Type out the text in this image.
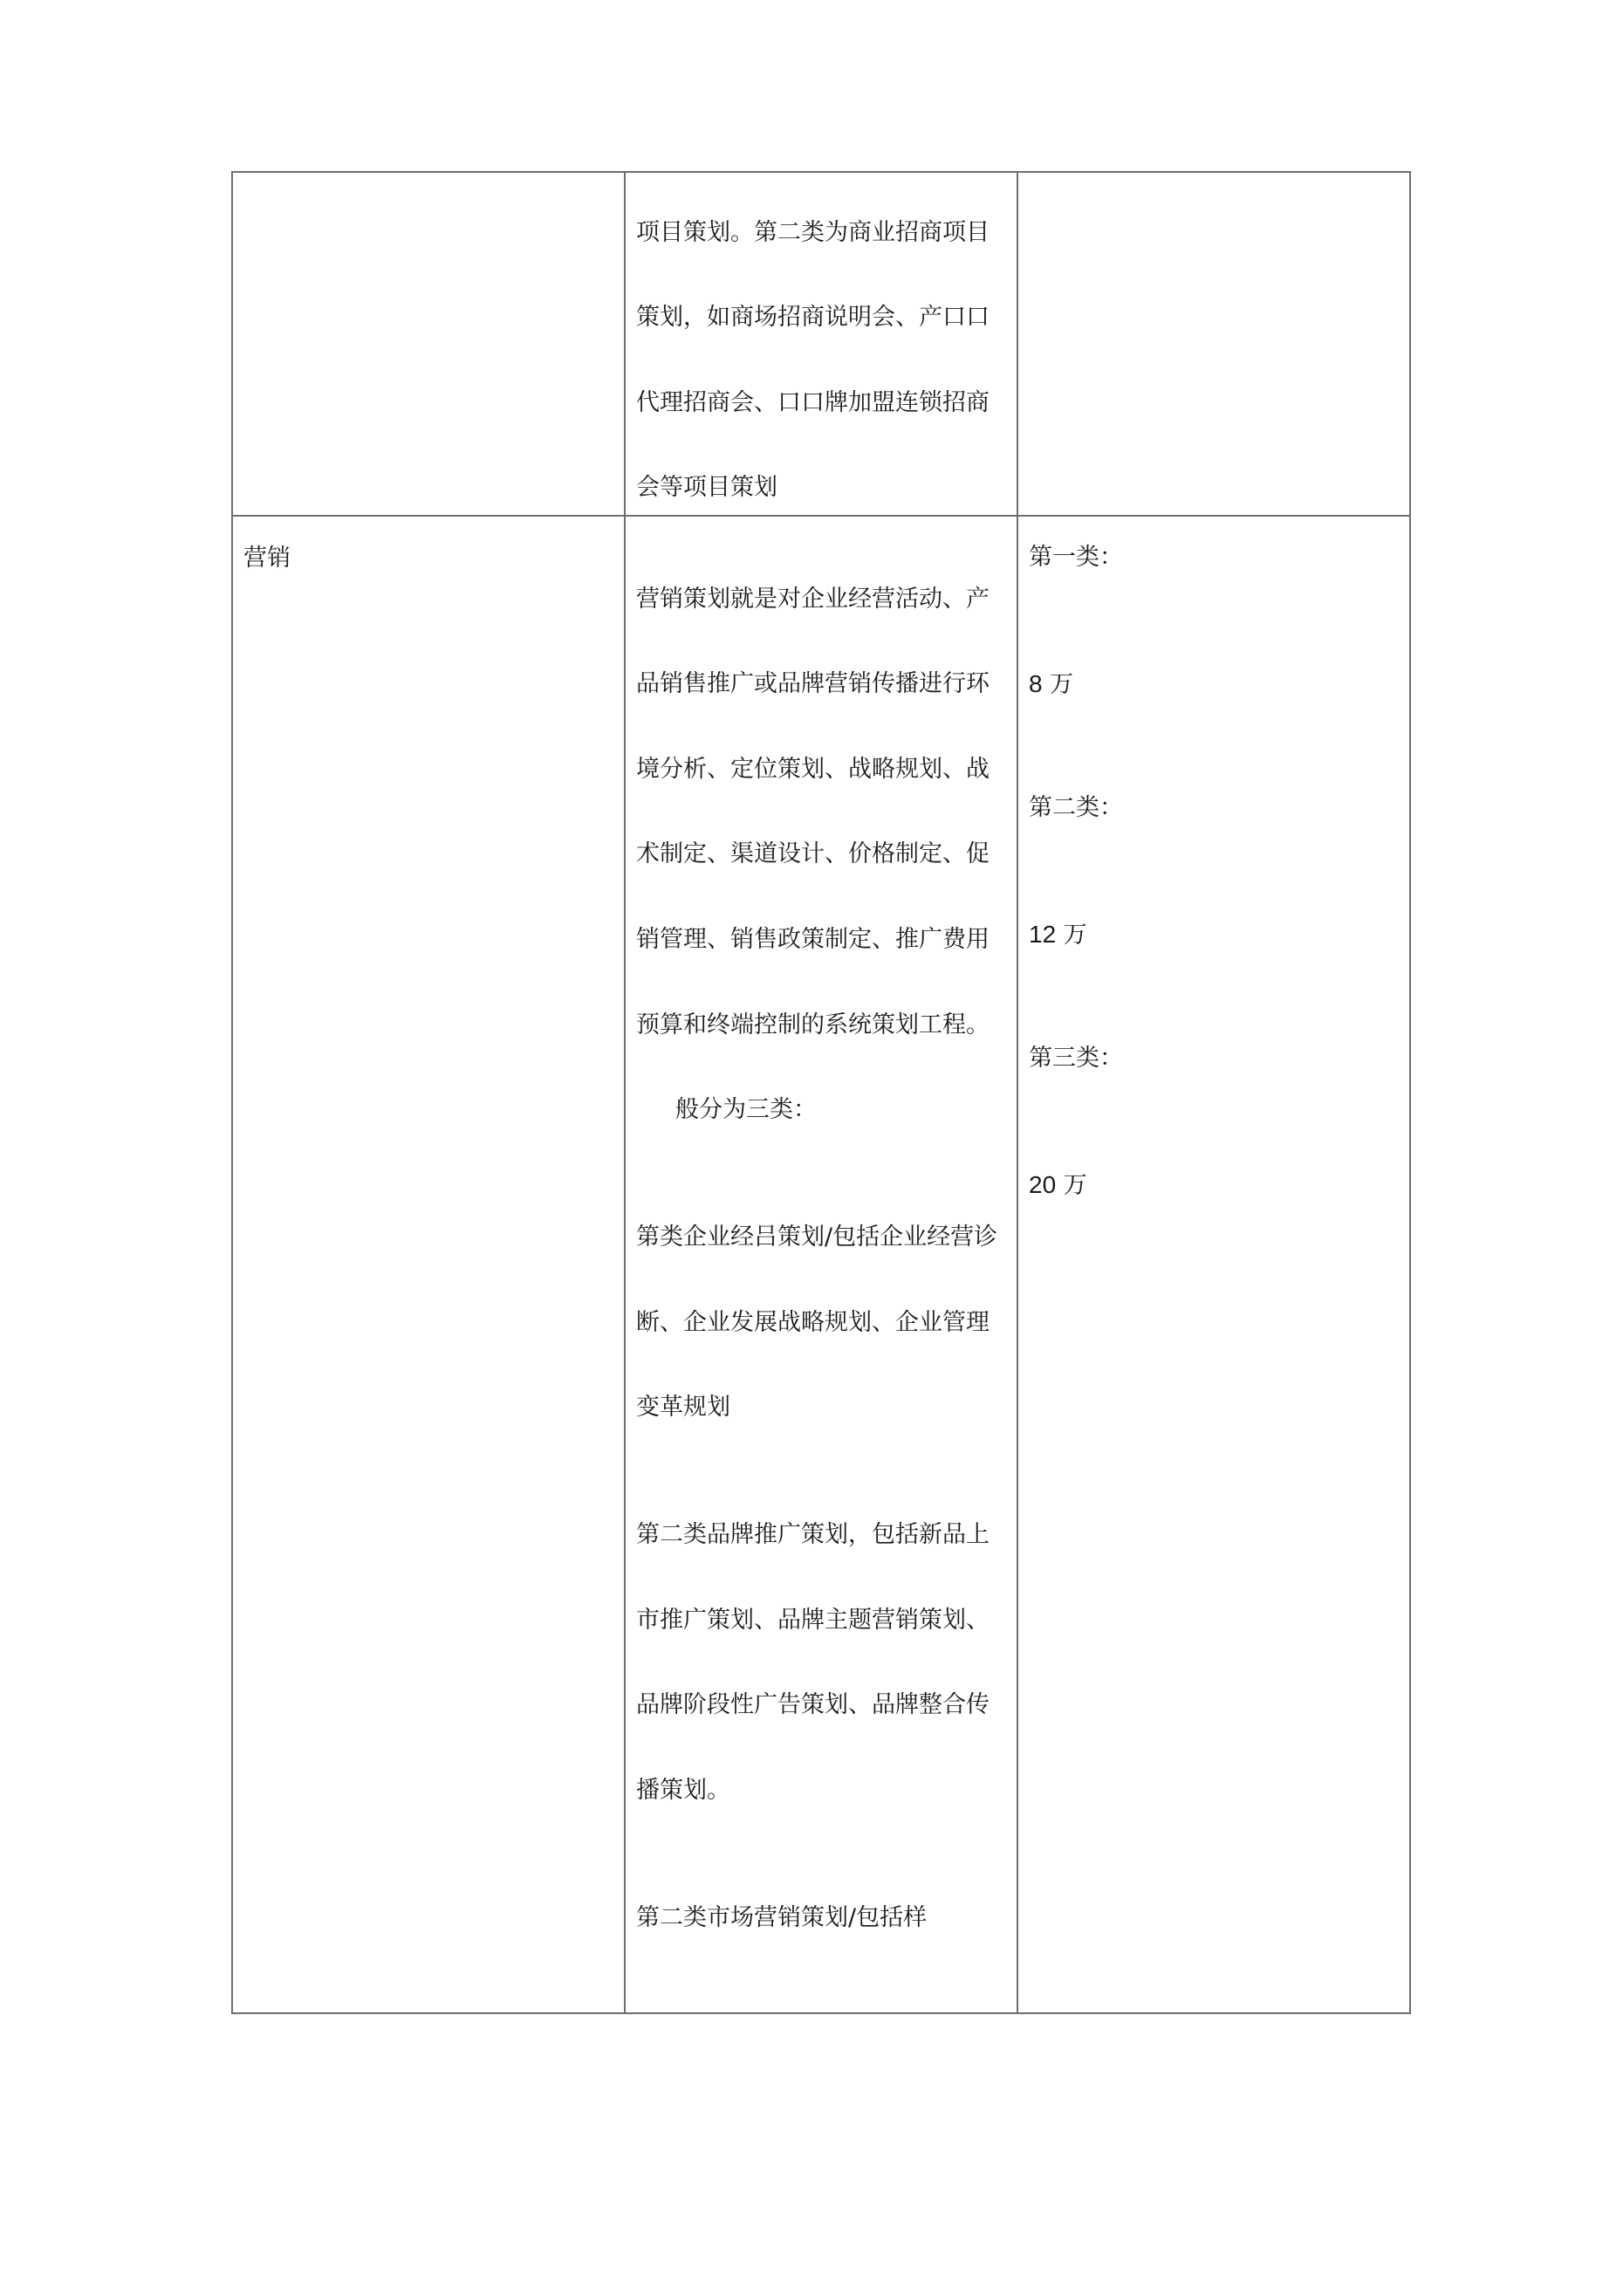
项目策划。第二类为商业招商项目
策划，如商场招商说明会、产口口
代理招商会、口口牌加盟连锁招商
会等项目策划
营销
营销策划就是对企业经营活动、产
品销售推广或品牌营销传播进行环
境分析、定位策划、战略规划、战
术制定、渠道设计、价格制定、促
销管理、销售政策制定、推广费用
预算和终端控制的系统策划工程。
般分为三类：
第类企业经吕策划/包括企业经营诊
断、企业发展战略规划、企业管理
变革规划
第二类品牌推广策划，包括新品上
市推广策划、品牌主题营销策划、
品牌阶段性广告策划、品牌整合传
播策划。
第二类市场营销策划/包括样
第一类：
8 万
第二类：
12 万
第三类：
20 万
